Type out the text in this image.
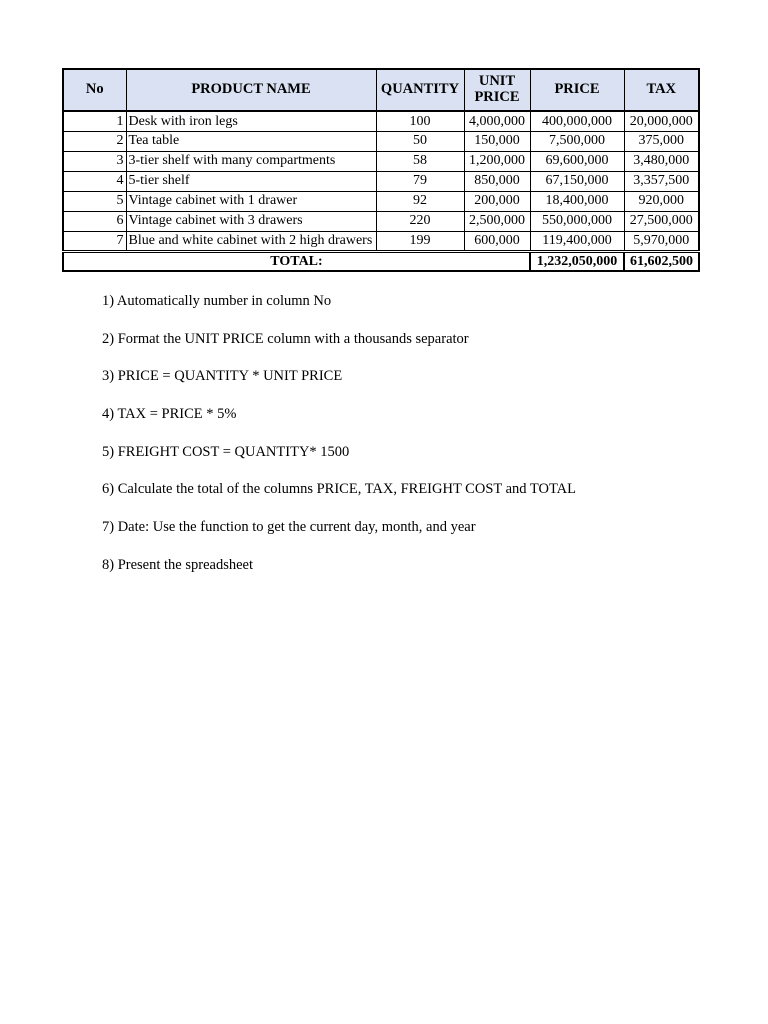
No	PRODUCT NAME	QUANTITY	UNIT PRICE	PRICE	TAX
1	Desk with iron legs	100	4,000,000	400,000,000	20,000,000
2	Tea table	50	150,000	7,500,000	375,000
3	3-tier shelf with many compartments	58	1,200,000	69,600,000	3,480,000
4	5-tier shelf	79	850,000	67,150,000	3,357,500
5	Vintage cabinet with 1 drawer	92	200,000	18,400,000	920,000
6	Vintage cabinet with 3 drawers	220	2,500,000	550,000,000	27,500,000
7	Blue and white cabinet with 2 high drawers	199	600,000	119,400,000	5,970,000
TOTAL:				1,232,050,000	61,602,500
1) Automatically number in column No
2) Format the UNIT PRICE column with a thousands separator
3) PRICE = QUANTITY * UNIT PRICE
4) TAX = PRICE * 5%
5) FREIGHT COST = QUANTITY* 1500
6) Calculate the total of the columns PRICE, TAX, FREIGHT COST and TOTAL
7) Date: Use the function to get the current day, month, and year
8) Present the spreadsheet
